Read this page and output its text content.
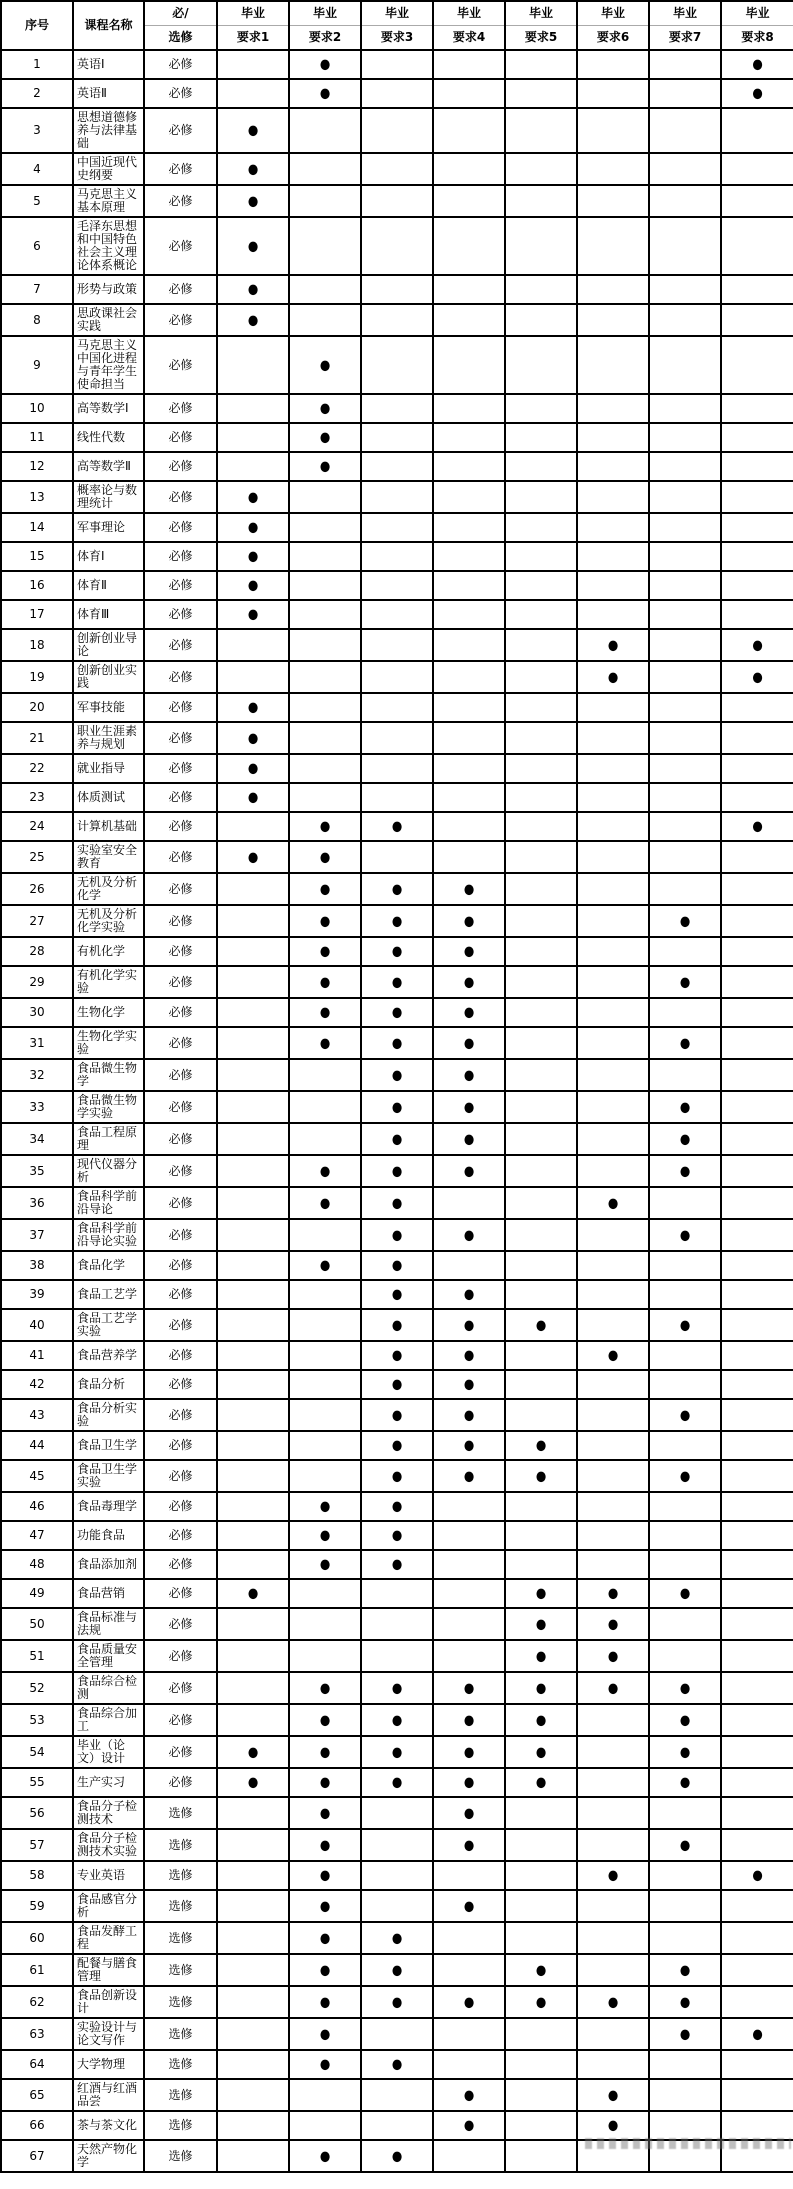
序号	课程名称	必/	毕业	毕业	毕业	毕业	毕业	毕业	毕业	毕业
		选修	要求1	要求2	要求3	要求4	要求5	要求6	要求7	要求8
1	英语Ⅰ	必修		●						●
2	英语Ⅱ	必修		●						●
3	思想道德修养与法律基础	必修	●							
4	中国近现代史纲要	必修	●							
5	马克思主义基本原理	必修	●							
6	毛泽东思想和中国特色社会主义理论体系概论	必修	●							
7	形势与政策	必修	●							
8	思政课社会实践	必修	●							
9	马克思主义中国化进程与青年学生使命担当	必修		●						
10	高等数学Ⅰ	必修		●						
11	线性代数	必修		●						
12	高等数学Ⅱ	必修		●						
13	概率论与数理统计	必修	●							
14	军事理论	必修	●							
15	体育Ⅰ	必修	●							
16	体育Ⅱ	必修	●							
17	体育Ⅲ	必修	●							
18	创新创业导论	必修						●		●
19	创新创业实践	必修						●		●
20	军事技能	必修	●							
21	职业生涯素养与规划	必修	●							
22	就业指导	必修	●							
23	体质测试	必修	●							
24	计算机基础	必修		●	●					●
25	实验室安全教育	必修	●	●						
26	无机及分析化学	必修		●	●	●				
27	无机及分析化学实验	必修		●	●	●			●	
28	有机化学	必修		●	●	●				
29	有机化学实验	必修		●	●	●			●	
30	生物化学	必修		●	●	●				
31	生物化学实验	必修		●	●	●			●	
32	食品微生物学	必修			●	●				
33	食品微生物学实验	必修			●	●			●	
34	食品工程原理	必修			●	●			●	
35	现代仪器分析	必修		●	●	●			●	
36	食品科学前沿导论	必修		●	●			●		
37	食品科学前沿导论实验	必修			●	●			●	
38	食品化学	必修		●	●					
39	食品工艺学	必修			●	●				
40	食品工艺学实验	必修			●	●	●		●	
41	食品营养学	必修			●	●		●		
42	食品分析	必修			●	●				
43	食品分析实验	必修			●	●			●	
44	食品卫生学	必修			●	●	●			
45	食品卫生学实验	必修			●	●	●		●	
46	食品毒理学	必修		●	●					
47	功能食品	必修		●	●					
48	食品添加剂	必修		●	●					
49	食品营销	必修	●				●	●	●	
50	食品标准与法规	必修					●	●		
51	食品质量安全管理	必修					●	●		
52	食品综合检测	必修		●	●	●	●	●	●	
53	食品综合加工	必修		●	●	●	●		●	
54	毕业（论文）设计	必修	●	●	●	●	●		●	
55	生产实习	必修	●	●	●	●	●		●	
56	食品分子检测技术	选修		●		●				
57	食品分子检测技术实验	选修		●		●			●	
58	专业英语	选修		●				●		●
59	食品感官分析	选修		●		●				
60	食品发酵工程	选修		●	●					
61	配餐与膳食管理	选修		●	●		●		●	
62	食品创新设计	选修		●	●	●	●	●	●	
63	实验设计与论文写作	选修		●					●	●
64	大学物理	选修		●	●					
65	红酒与红酒品尝	选修				●		●		
66	茶与茶文化	选修				●		●		
67	天然产物化学	选修		●	●					
